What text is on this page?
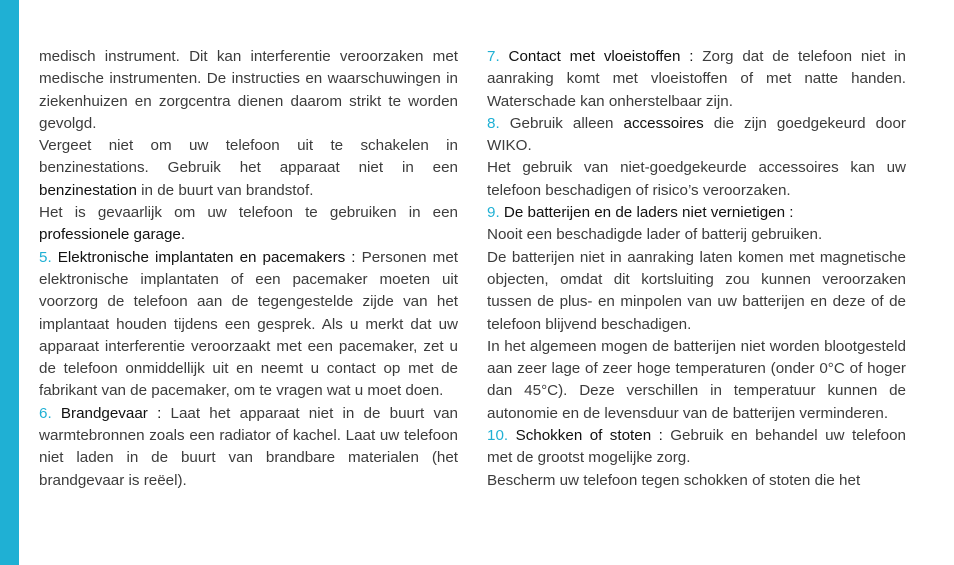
medisch instrument. Dit kan interferentie veroorzaken met medische instrumenten. De instructies en waarschuwingen in ziekenhuizen en zorgcentra dienen daarom strikt te worden gevolgd.

Vergeet niet om uw telefoon uit te schakelen in benzinestations. Gebruik het apparaat niet in een benzinestation in de buurt van brandstof.

Het is gevaarlijk om uw telefoon te gebruiken in een professionele garage.

5. Elektronische implantaten en pacemakers : Personen met elektronische implantaten of een pacemaker moeten uit voorzorg de telefoon aan de tegengestelde zijde van het implantaat houden tijdens een gesprek. Als u merkt dat uw apparaat interferentie veroorzaakt met een pacemaker, zet u de telefoon onmiddellijk uit en neemt u contact op met de fabrikant van de pacemaker, om te vragen wat u moet doen.

6. Brandgevaar : Laat het apparaat niet in de buurt van warmtebronnen zoals een radiator of kachel. Laat uw telefoon niet laden in de buurt van brandbare materialen (het brandgevaar is reëel).

7. Contact met vloeistoffen : Zorg dat de telefoon niet in aanraking komt met vloeistoffen of met natte handen. Waterschade kan onherstelbaar zijn.

8. Gebruik alleen accessoires die zijn goedgekeurd door WIKO.

Het gebruik van niet-goedgekeurde accessoires kan uw telefoon beschadigen of risico’s veroorzaken.

9. De batterijen en de laders niet vernietigen :

Nooit een beschadigde lader of batterij gebruiken.

De batterijen niet in aanraking laten komen met magnetische objecten, omdat dit kortsluiting zou kunnen veroorzaken tussen de plus- en minpolen van uw batterijen en deze of de telefoon blijvend beschadigen.

In het algemeen mogen de batterijen niet worden blootgesteld aan zeer lage of zeer hoge temperaturen (onder 0°C of hoger dan 45°C). Deze verschillen in temperatuur kunnen de autonomie en de levensduur van de batterijen verminderen.

10. Schokken of stoten : Gebruik en behandel uw telefoon met de grootst mogelijke zorg.

Bescherm uw telefoon tegen schokken of stoten die het
